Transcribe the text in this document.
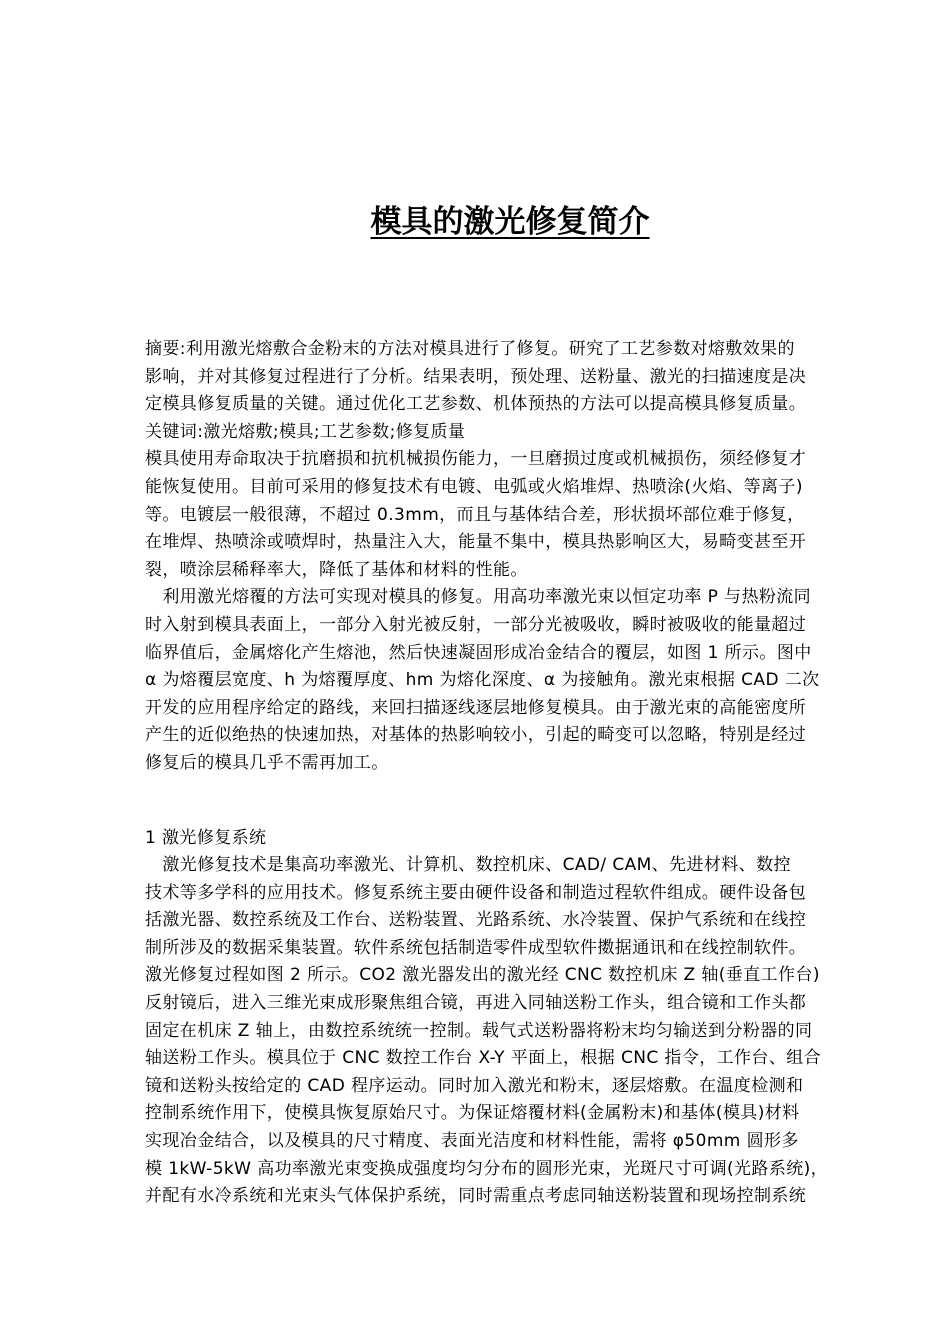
模具的激光修复简介
摘要:利用激光熔敷合金粉末的方法对模具进行了修复。研究了工艺参数对熔敷效果的
影响，并对其修复过程进行了分析。结果表明，预处理、送粉量、激光的扫描速度是决
定模具修复质量的关键。通过优化工艺参数、机体预热的方法可以提高模具修复质量。
关键词:激光熔敷;模具;工艺参数;修复质量
模具使用寿命取决于抗磨损和抗机械损伤能力，一旦磨损过度或机械损伤，须经修复才
能恢复使用。目前可采用的修复技术有电镀、电弧或火焰堆焊、热喷涂(火焰、等离子)
等。电镀层一般很薄，不超过 0.3mm，而且与基体结合差，形状损坏部位难于修复，
在堆焊、热喷涂或喷焊时，热量注入大，能量不集中，模具热影响区大，易畸变甚至开
裂，喷涂层稀释率大，降低了基体和材料的性能。
　利用激光熔覆的方法可实现对模具的修复。用高功率激光束以恒定功率 P 与热粉流同
时入射到模具表面上，一部分入射光被反射，一部分光被吸收，瞬时被吸收的能量超过
临界值后，金属熔化产生熔池，然后快速凝固形成冶金结合的覆层，如图 1 所示。图中
α 为熔覆层宽度、h 为熔覆厚度、hm 为熔化深度、α 为接触角。激光束根据 CAD 二次
开发的应用程序给定的路线，来回扫描逐线逐层地修复模具。由于激光束的高能密度所
产生的近似绝热的快速加热，对基体的热影响较小，引起的畸变可以忽略，特别是经过
修复后的模具几乎不需再加工。
1 激光修复系统
　激光修复技术是集高功率激光、计算机、数控机床、CAD/ CAM、先进材料、数控
技术等多学科的应用技术。修复系统主要由硬件设备和制造过程软件组成。硬件设备包
括激光器、数控系统及工作台、送粉装置、光路系统、水冷装置、保护气系统和在线控
制所涉及的数据采集装置。软件系统包括制造零件成型软件擞据通讯和在线控制软件。
激光修复过程如图 2 所示。CO2 激光器发出的激光经 CNC 数控机床 Z 轴(垂直工作台)
反射镜后，进入三维光束成形聚焦组合镜，再进入同轴送粉工作头，组合镜和工作头都
固定在机床 Z 轴上，由数控系统统一控制。载气式送粉器将粉末均匀输送到分粉器的同
轴送粉工作头。模具位于 CNC 数控工作台 X-Y 平面上，根据 CNC 指令，工作台、组合
镜和送粉头按给定的 CAD 程序运动。同时加入激光和粉末，逐层熔敷。在温度检测和
控制系统作用下，使模具恢复原始尺寸。为保证熔覆材料(金属粉末)和基体(模具)材料
实现冶金结合，以及模具的尺寸精度、表面光洁度和材料性能，需将 φ50mm 圆形多
模 1kW-5kW 高功率激光束变换成强度均匀分布的圆形光束，光斑尺寸可调(光路系统)，
并配有水冷系统和光束头气体保护系统，同时需重点考虑同轴送粉装置和现场控制系统
